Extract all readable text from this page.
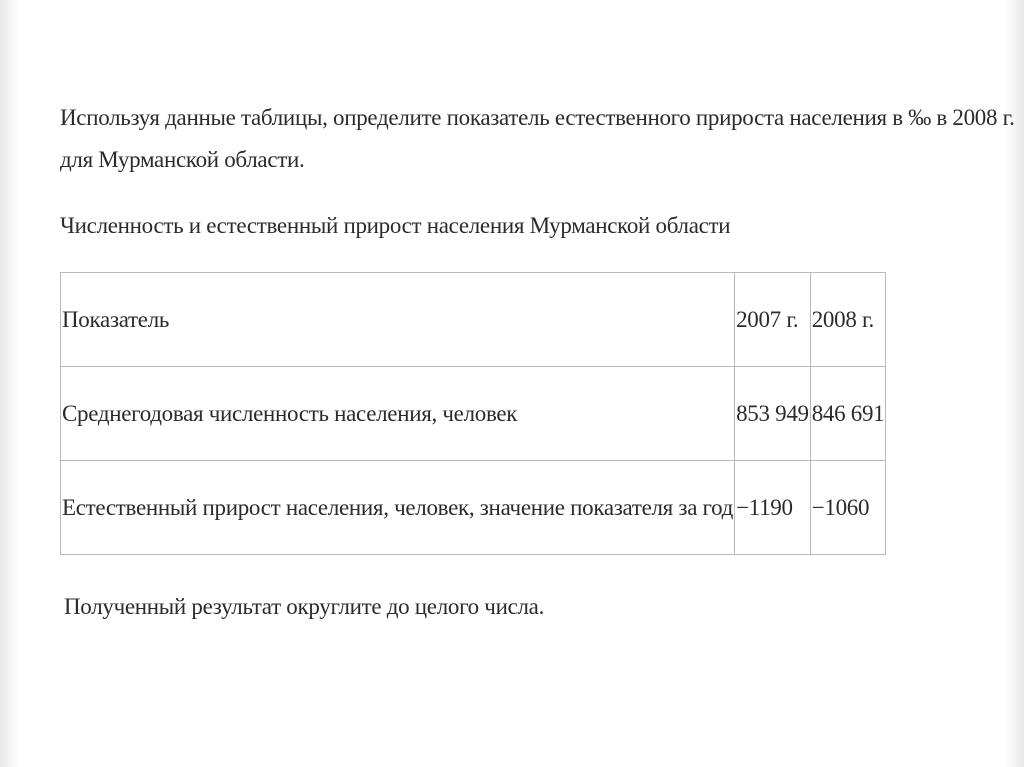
Используя данные таблицы, определите показатель естественного прироста населения в ‰ в 2008 г.
для Мурманской области.
Численность и естественный прирост населения Мурманской области
Показатель	2007 г.	2008 г.
Среднегодовая численность населения, человек	853 949	846 691
Естественный прирост населения, человек, значение показателя за год	−1190	−1060
Полученный результат округлите до целого числа.
